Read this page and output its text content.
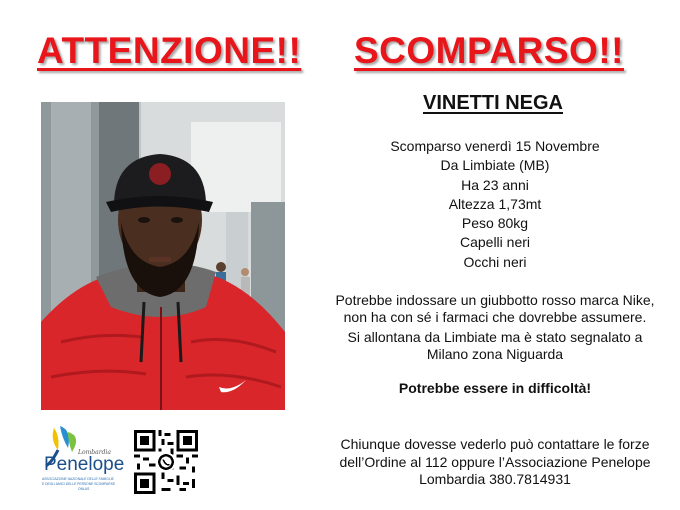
ATTENZIONE!! SCOMPARSO!!
VINETTI NEGA
Scomparso venerdì 15 Novembre
Da Limbiate (MB)
Ha 23 anni
Altezza 1,73mt
Peso 80kg
Capelli neri
Occhi neri
Potrebbe indossare un giubbotto rosso marca Nike,
non ha con sé i farmaci che dovrebbe assumere.
Si allontana da Limbiate ma è stato segnalato a
Milano zona Niguarda
Potrebbe essere in difficoltà!
Chiunque dovesse vederlo può contattare le forze
dell’Ordine al 112 oppure l’Associazione Penelope
Lombardia 380.7814931
Lombardia
Penelope
ASSOCIAZIONE NAZIONALE DELLE FAMIGLIE
E DEGLI AMICI DELLE PERSONE SCOMPARSE
ONLUS
